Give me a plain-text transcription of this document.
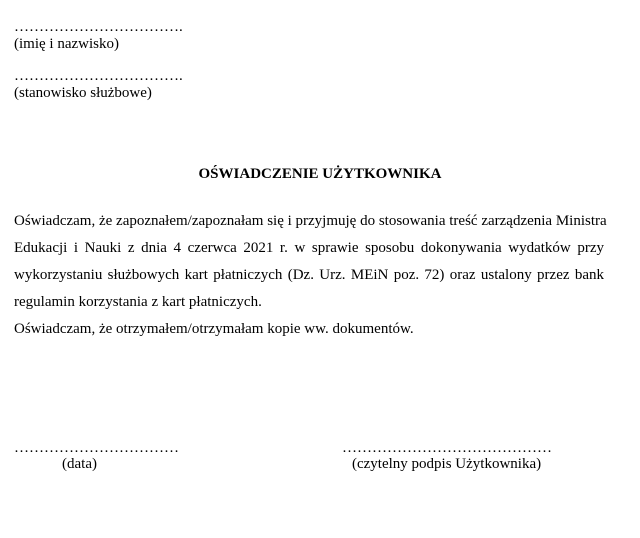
…………………………….
(imię i nazwisko)
…………………………….
(stanowisko służbowe)
OŚWIADCZENIE UŻYTKOWNIKA
Oświadczam, że zapoznałem/zapoznałam się i przyjmuję do stosowania treść zarządzenia Ministra
Edukacji i Nauki z dnia 4 czerwca 2021 r. w sprawie sposobu dokonywania wydatków przy
wykorzystaniu służbowych kart płatniczych (Dz. Urz. MEiN poz. 72) oraz ustalony przez bank
regulamin korzystania z kart płatniczych.
Oświadczam, że otrzymałem/otrzymałam kopie ww. dokumentów.
……………………………
(data)
……………………………………
(czytelny podpis Użytkownika)
